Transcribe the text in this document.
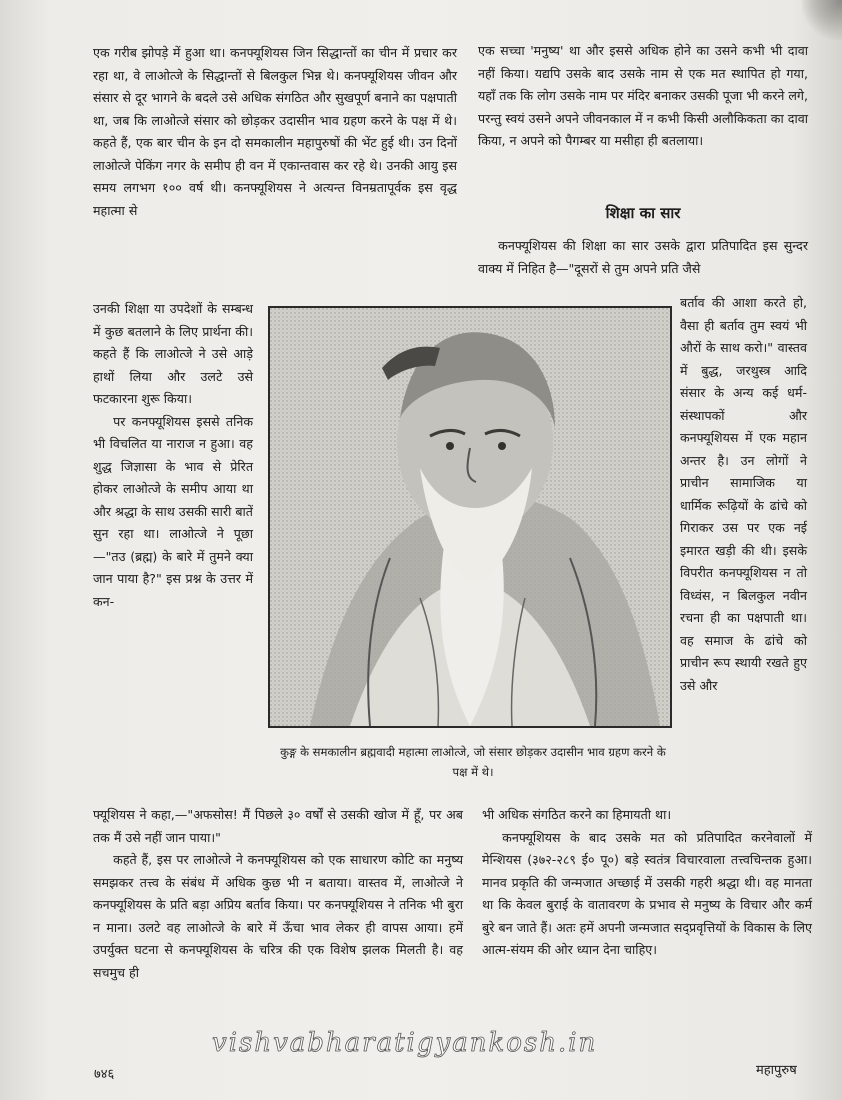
एक गरीब झोपड़े में हुआ था। कनफ्यूशियस जिन सिद्धान्तों का चीन में प्रचार कर रहा था, वे लाओत्जे के सिद्धान्तों से बिलकुल भिन्न थे। कनफ्यूशियस जीवन और संसार से दूर भागने के बदले उसे अधिक संगठित और सुखपूर्ण बनाने का पक्षपाती था, जब कि लाओत्जे संसार को छोड़कर उदासीन भाव ग्रहण करने के पक्ष में थे। कहते हैं, एक बार चीन के इन दो समकालीन महापुरुषों की भेंट हुई थी। उन दिनों लाओत्जे पेकिंग नगर के समीप ही वन में एकान्तवास कर रहे थे। उनकी आयु इस समय लगभग १०० वर्ष थी। कनफ्यूशियस ने अत्यन्त विनम्रतापूर्वक इस वृद्ध महात्मा से

उनकी शिक्षा या उपदेशों के सम्बन्ध में कुछ बतलाने के लिए प्रार्थना की। कहते हैं कि लाओत्जे ने उसे आड़े हाथों लिया और उलटे उसे फटकारना शुरू किया।

पर कनफ्यूशियस इससे तनिक भी विचलित या नाराज न हुआ। वह शुद्ध जिज्ञासा के भाव से प्रेरित होकर लाओत्जे के समीप आया था और श्रद्धा के साथ उसकी सारी बातें सुन रहा था। लाओत्जे ने पूछा—"तउ (ब्रह्म) के बारे में तुमने क्या जान पाया है?" इस प्रश्न के उत्तर में कन-

फ्यूशियस ने कहा,—"अफसोस! मैं पिछले ३० वर्षों से उसकी खोज में हूँ, पर अब तक मैं उसे नहीं जान पाया।"

कहते हैं, इस पर लाओत्जे ने कनफ्यूशियस को एक साधारण कोटि का मनुष्य समझकर तत्त्व के संबंध में अधिक कुछ भी न बताया। वास्तव में, लाओत्जे ने कनफ्यूशियस के प्रति बड़ा अप्रिय बर्ताव किया। पर कनफ्यूशियस ने तनिक भी बुरा न माना। उलटे वह लाओत्जे के बारे में ऊँचा भाव लेकर ही वापस आया। हमें उपर्युक्त घटना से कनफ्यूशियस के चरित्र की एक विशेष झलक मिलती है। वह सचमुच ही

एक सच्चा 'मनुष्य' था और इससे अधिक होने का उसने कभी भी दावा नहीं किया। यद्यपि उसके बाद उसके नाम से एक मत स्थापित हो गया, यहाँ तक कि लोग उसके नाम पर मंदिर बनाकर उसकी पूजा भी करने लगे, परन्तु स्वयं उसने अपने जीवनकाल में न कभी किसी अलौकिकता का दावा किया, न अपने को पैगम्बर या मसीहा ही बतलाया।

शिक्षा का सार

कनफ्यूशियस की शिक्षा का सार उसके द्वारा प्रतिपादित इस सुन्दर वाक्य में निहित है—"दूसरों से तुम अपने प्रति जैसे

बर्ताव की आशा करते हो, वैसा ही बर्ताव तुम स्वयं भी औरों के साथ करो।" वास्तव में बुद्ध, जरथुस्त्र आदि संसार के अन्य कई धर्म-संस्थापकों और कनफ्यूशियस में एक महान अन्तर है। उन लोगों ने प्राचीन सामाजिक या धार्मिक रूढ़ियों के ढांचे को गिराकर उस पर एक नई इमारत खड़ी की थी। इसके विपरीत कनफ्यूशियस न तो विध्वंस, न बिलकुल नवीन रचना ही का पक्षपाती था। वह समाज के ढांचे को प्राचीन रूप स्थायी रखते हुए उसे और

भी अधिक संगठित करने का हिमायती था।

कनफ्यूशियस के बाद उसके मत को प्रतिपादित करनेवालों में मेन्शियस (३७२-२८९ ई० पू०) बड़े स्वतंत्र विचारवाला तत्त्वचिन्तक हुआ। मानव प्रकृति की जन्मजात अच्छाई में उसकी गहरी श्रद्धा थी। वह मानता था कि केवल बुराई के वातावरण के प्रभाव से मनुष्य के विचार और कर्म बुरे बन जाते हैं। अतः हमें अपनी जन्मजात सद्प्रवृत्तियों के विकास के लिए आत्म-संयम की ओर ध्यान देना चाहिए।

कुङ्ग के समकालीन ब्रह्मवादी महात्मा लाओत्जे, जो संसार छोड़कर उदासीन भाव ग्रहण करने के पक्ष में थे।

७४६

vishvabharatigyankosh.in

महापुरुष
